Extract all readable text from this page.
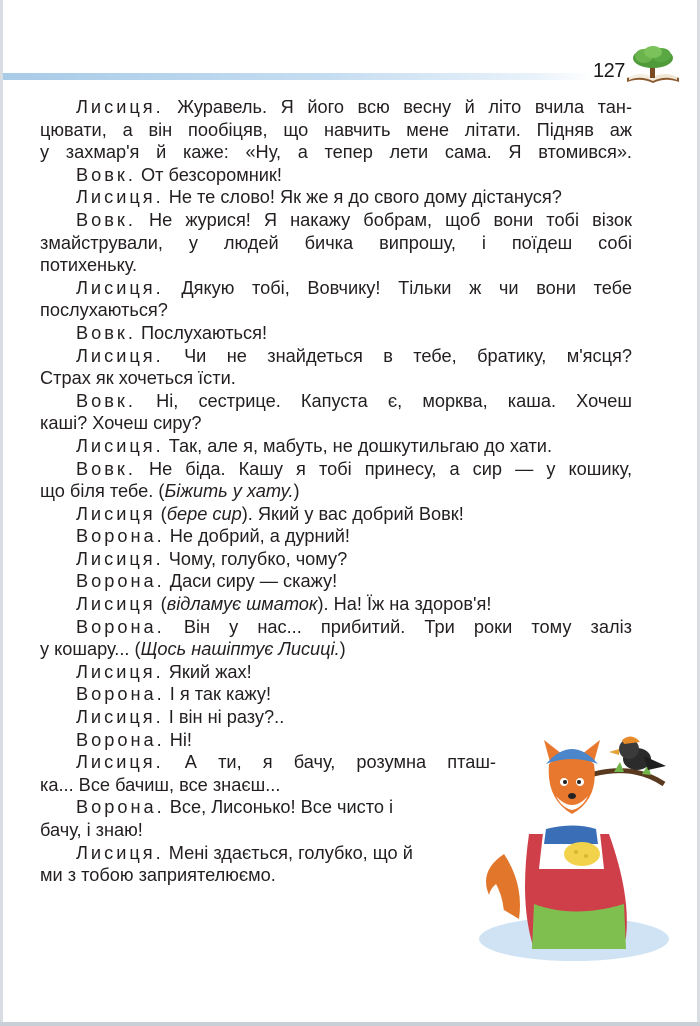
127
Лисиця. Журавель. Я його всю весну й літо вчила тан-
цювати, а він пообіцяв, що навчить мене літати. Підняв аж
у захмар'я й каже: «Ну, а тепер лети сама. Я втомився».
Вовк. От безсоромник!
Лисиця. Не те слово! Як же я до свого дому дістануся?
Вовк. Не журися! Я накажу бобрам, щоб вони тобі візок
змайстрували, у людей бичка випрошу, і поїдеш собі
потихеньку.
Лисиця. Дякую тобі, Вовчику! Тільки ж чи вони тебе
послухаються?
Вовк. Послухаються!
Лисиця. Чи не знайдеться в тебе, братику, м'ясця?
Страх як хочеться їсти.
Вовк. Ні, сестрице. Капуста є, морква, каша. Хочеш
каші? Хочеш сиру?
Лисиця. Так, але я, мабуть, не дошкутильгаю до хати.
Вовк. Не біда. Кашу я тобі принесу, а сир — у кошику,
що біля тебе. (Біжить у хату.)
Лисиця (бере сир). Який у вас добрий Вовк!
Ворона. Не добрий, а дурний!
Лисиця. Чому, голубко, чому?
Ворона. Даси сиру — скажу!
Лисиця (відламує шматок). На! Їж на здоров'я!
Ворона. Він у нас... прибитий. Три роки тому заліз
у кошару... (Щось нашіптує Лисиці.)
Лисиця. Який жах!
Ворона. І я так кажу!
Лисиця. І він ні разу?..
Ворона. Ні!
Лисиця. А ти, я бачу, розумна пташ-
ка... Все бачиш, все знаєш...
Ворона. Все, Лисонько! Все чисто і
бачу, і знаю!
Лисиця. Мені здається, голубко, що й
ми з тобою заприятелюємо.
